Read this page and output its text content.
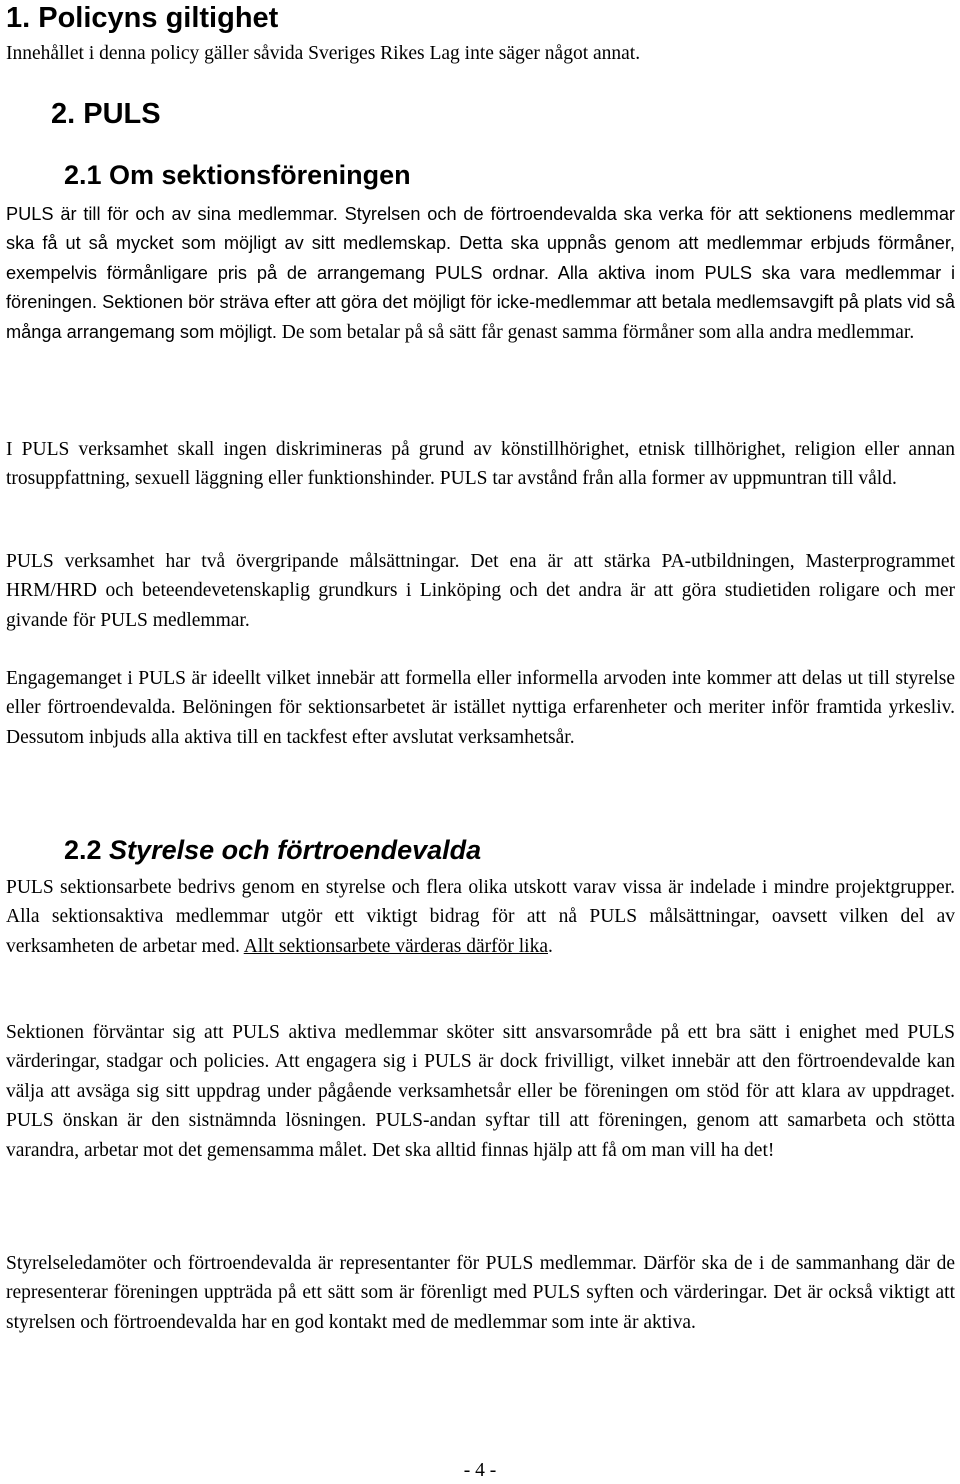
1. Policyns giltighet

Innehållet i denna policy gäller såvida Sveriges Rikes Lag inte säger något annat.

2. PULS
2.1 Om sektionsföreningen

PULS är till för och av sina medlemmar. Styrelsen och de förtroendevalda ska verka för att sektionens medlemmar ska få ut så mycket som möjligt av sitt medlemskap. Detta ska uppnås genom att medlemmar erbjuds förmåner, exempelvis förmånligare pris på de arrangemang PULS ordnar. Alla aktiva inom PULS ska vara medlemmar i föreningen. Sektionen bör sträva efter att göra det möjligt för icke-medlemmar att betala medlemsavgift på plats vid så många arrangemang som möjligt. De som betalar på så sätt får genast samma förmåner som alla andra medlemmar.

I PULS verksamhet skall ingen diskrimineras på grund av könstillhörighet, etnisk tillhörighet, religion eller annan trosuppfattning, sexuell läggning eller funktionshinder. PULS tar avstånd från alla former av uppmuntran till våld.

PULS verksamhet har två övergripande målsättningar. Det ena är att stärka PA-utbildningen, Masterprogrammet HRM/HRD och beteendevetenskaplig grundkurs i Linköping och det andra är att göra studietiden roligare och mer givande för PULS medlemmar.

Engagemanget i PULS är ideellt vilket innebär att formella eller informella arvoden inte kommer att delas ut till styrelse eller förtroendevalda. Belöningen för sektionsarbetet är istället nyttiga erfarenheter och meriter inför framtida yrkesliv. Dessutom inbjuds alla aktiva till en tackfest efter avslutat verksamhetsår.

2.2 Styrelse och förtroendevalda

PULS sektionsarbete bedrivs genom en styrelse och flera olika utskott varav vissa är indelade i mindre projektgrupper. Alla sektionsaktiva medlemmar utgör ett viktigt bidrag för att nå PULS målsättningar, oavsett vilken del av verksamheten de arbetar med. Allt sektionsarbete värderas därför lika.

Sektionen förväntar sig att PULS aktiva medlemmar sköter sitt ansvarsområde på ett bra sätt i enighet med PULS värderingar, stadgar och policies. Att engagera sig i PULS är dock frivilligt, vilket innebär att den förtroendevalde kan välja att avsäga sig sitt uppdrag under pågående verksamhetsår eller be föreningen om stöd för att klara av uppdraget. PULS önskan är den sistnämnda lösningen. PULS-andan syftar till att föreningen, genom att samarbeta och stötta varandra, arbetar mot det gemensamma målet. Det ska alltid finnas hjälp att få om man vill ha det!

Styrelseledamöter och förtroendevalda är representanter för PULS medlemmar. Därför ska de i de sammanhang där de representerar föreningen uppträda på ett sätt som är förenligt med PULS syften och värderingar. Det är också viktigt att styrelsen och förtroendevalda har en god kontakt med de medlemmar som inte är aktiva.

- 4 -
